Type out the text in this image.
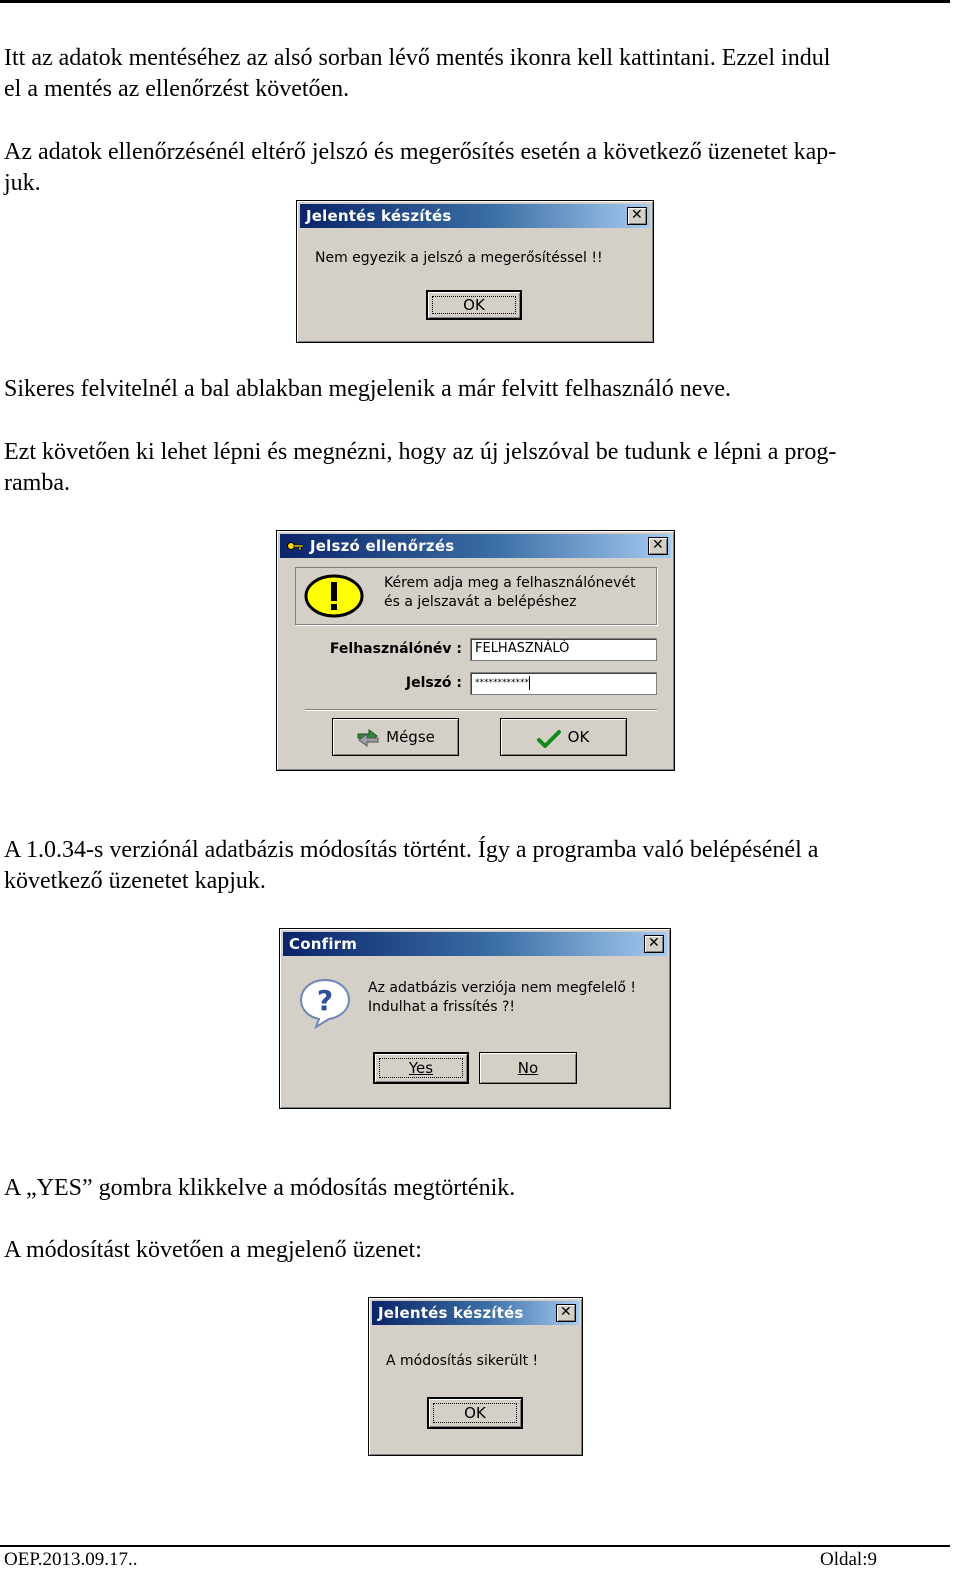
Itt az adatok mentéséhez az alsó sorban lévő mentés ikonra kell kattintani. Ezzel indul
el a mentés az ellenőrzést követően.

Az adatok ellenőrzésénél eltérő jelszó és megerősítés esetén a következő üzenetet kap-
juk.

Jelentés készítés	✕
Nem egyezik a jelszó a megerősítéssel !!
OK

Sikeres felvitelnél a bal ablakban megjelenik a már felvitt felhasználó neve.

Ezt követően ki lehet lépni és megnézni, hogy az új jelszóval be tudunk e lépni a prog-
ramba.

Jelszó ellenőrzés	✕
Kérem adja meg a felhasználónevét
és a jelszavát a belépéshez
Felhasználónév :	FELHASZNÁLÓ
Jelszó :	************
Mégse	OK

A 1.0.34-s verziónál adatbázis módosítás történt. Így a programba való belépésénél a
következő üzenetet kapjuk.

Confirm	✕
? Az adatbázis verziója nem megfelelő !
Indulhat a frissítés ?!
Yes	No

A „YES” gombra klikkelve a módosítás megtörténik.

A módosítást követően a megjelenő üzenet:

Jelentés készítés	✕
A módosítás sikerült !
OK
OEP.2013.09.17..	Oldal:9
